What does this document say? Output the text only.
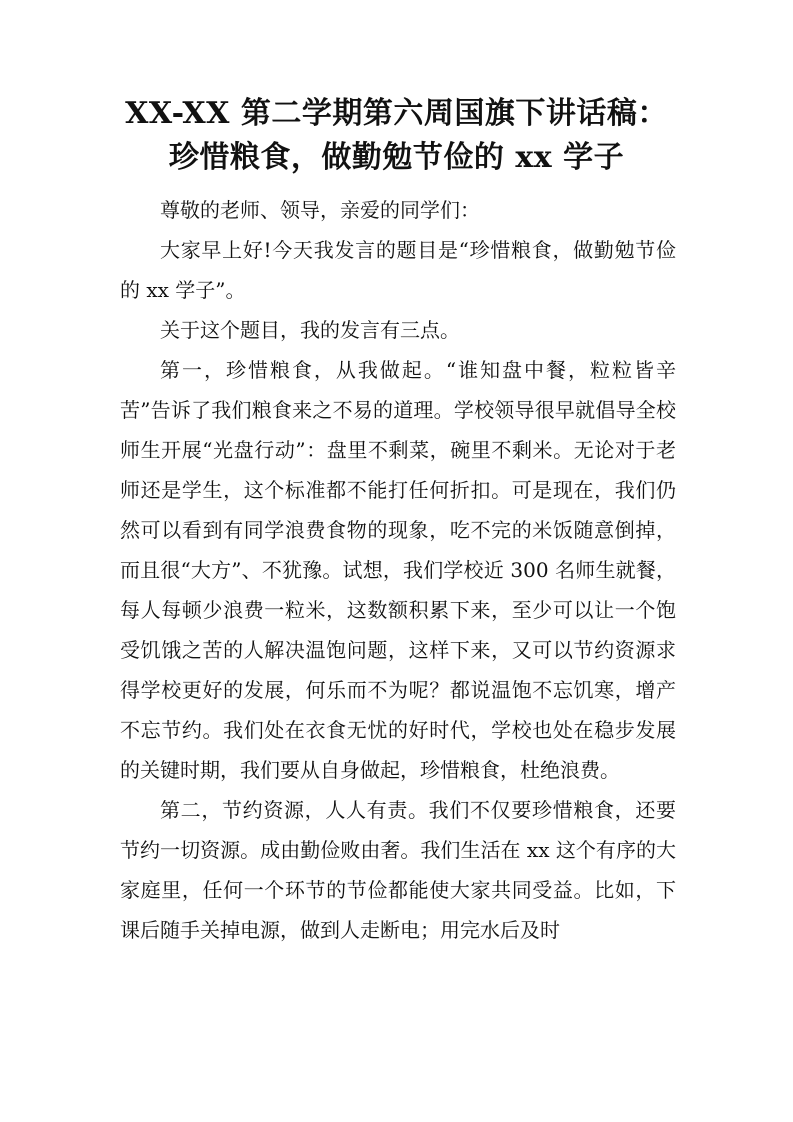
XX-XX 第二学期第六周国旗下讲话稿：
珍惜粮食，做勤勉节俭的 xx 学子

尊敬的老师、领导，亲爱的同学们：

大家早上好!今天我发言的题目是“珍惜粮食，做勤勉节俭的 xx 学子”。

关于这个题目，我的发言有三点。

第一，珍惜粮食，从我做起。“谁知盘中餐，粒粒皆辛苦”告诉了我们粮食来之不易的道理。学校领导很早就倡导全校师生开展“光盘行动”：盘里不剩菜，碗里不剩米。无论对于老师还是学生，这个标准都不能打任何折扣。可是现在，我们仍然可以看到有同学浪费食物的现象，吃不完的米饭随意倒掉，而且很“大方”、不犹豫。试想，我们学校近 300 名师生就餐，每人每顿少浪费一粒米，这数额积累下来，至少可以让一个饱受饥饿之苦的人解决温饱问题，这样下来，又可以节约资源求得学校更好的发展，何乐而不为呢？都说温饱不忘饥寒，增产不忘节约。我们处在衣食无忧的好时代，学校也处在稳步发展的关键时期，我们要从自身做起，珍惜粮食，杜绝浪费。

第二，节约资源，人人有责。我们不仅要珍惜粮食，还要节约一切资源。成由勤俭败由奢。我们生活在 xx 这个有序的大家庭里，任何一个环节的节俭都能使大家共同受益。比如，下课后随手关掉电源，做到人走断电；用完水后及时
